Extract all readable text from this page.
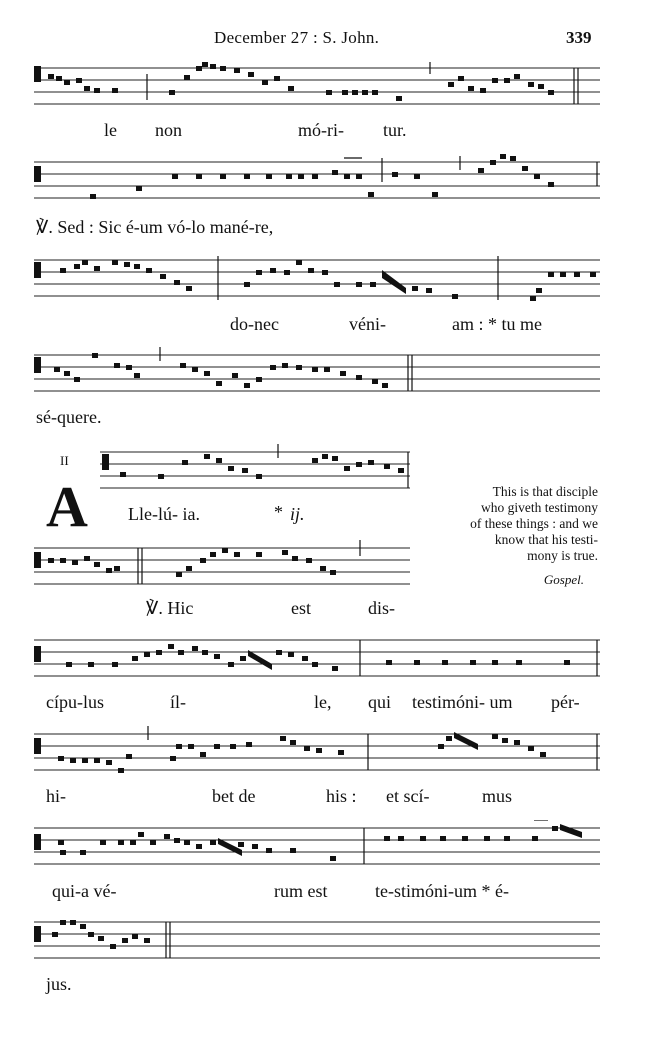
December 27 : S. John.	339
le non	mó-ri- tur.
℣. Sed : Sic é-um vó-lo mané-re,
do-nec	véni-	am : * tu me
sé-quere.
II
A Lle-lú- ia.	* ij.
This is that disciple
who giveth testimony
of these things : and we
know that his testi-
mony is true.
Gospel.
℣. Hic	est	dis-
cípu-lus	íl-	le, qui testimóni- um pér-
hi-	bet de	his : et scí-	mus
qui-a vé-	rum est	te-stimóni-um * é-
jus.
